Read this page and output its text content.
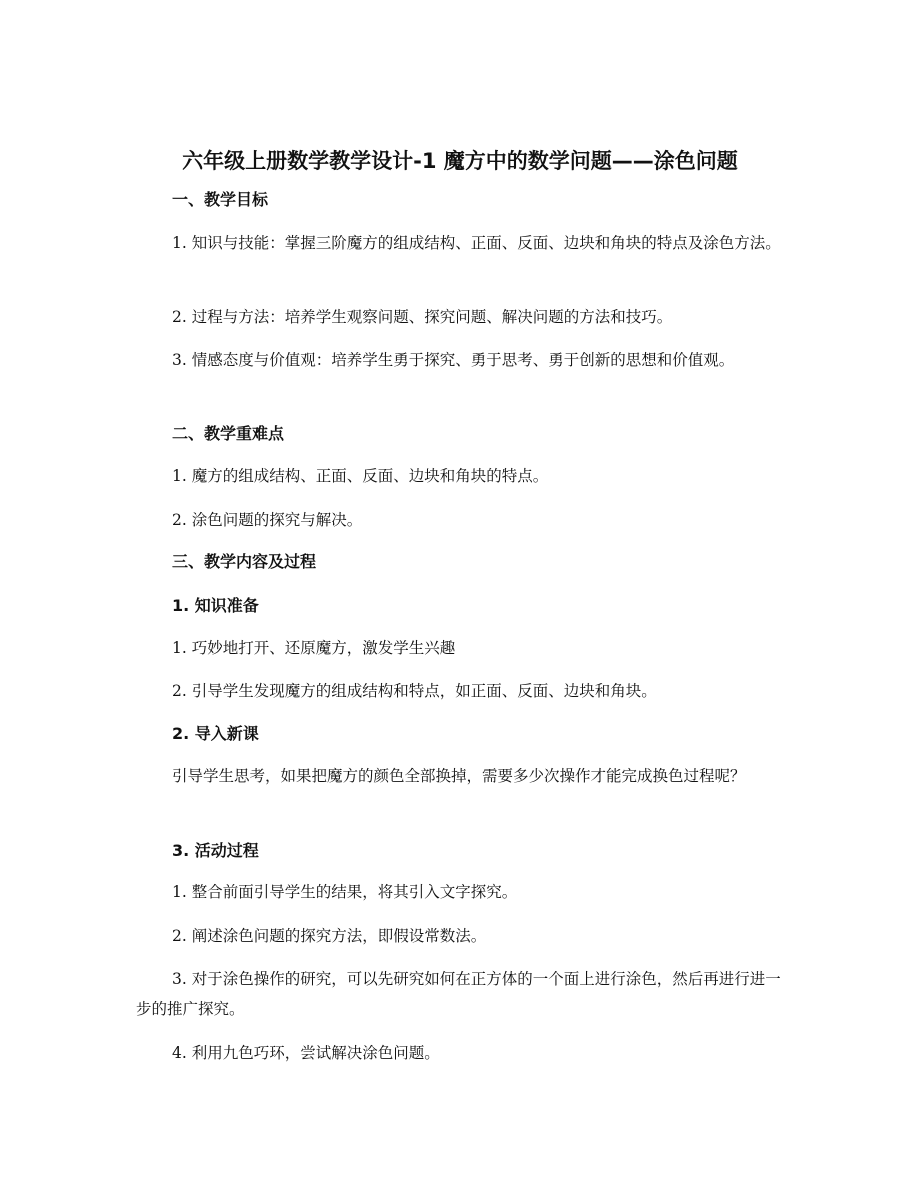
六年级上册数学教学设计-1 魔方中的数学问题——涂色问题
一、教学目标

1. 知识与技能：掌握三阶魔方的组成结构、正面、反面、边块和角块的特点及涂色方法。

2. 过程与方法：培养学生观察问题、探究问题、解决问题的方法和技巧。

3. 情感态度与价值观：培养学生勇于探究、勇于思考、勇于创新的思想和价值观。

二、教学重难点

1. 魔方的组成结构、正面、反面、边块和角块的特点。

2. 涂色问题的探究与解决。

三、教学内容及过程
1. 知识准备

1. 巧妙地打开、还原魔方，激发学生兴趣

2. 引导学生发现魔方的组成结构和特点，如正面、反面、边块和角块。

2. 导入新课

引导学生思考，如果把魔方的颜色全部换掉，需要多少次操作才能完成换色过程呢？

3. 活动过程

1. 整合前面引导学生的结果，将其引入文字探究。

2. 阐述涂色问题的探究方法，即假设常数法。

3. 对于涂色操作的研究，可以先研究如何在正方体的一个面上进行涂色，然后再进行进一步的推广探究。

4. 利用九色巧环，尝试解决涂色问题。
